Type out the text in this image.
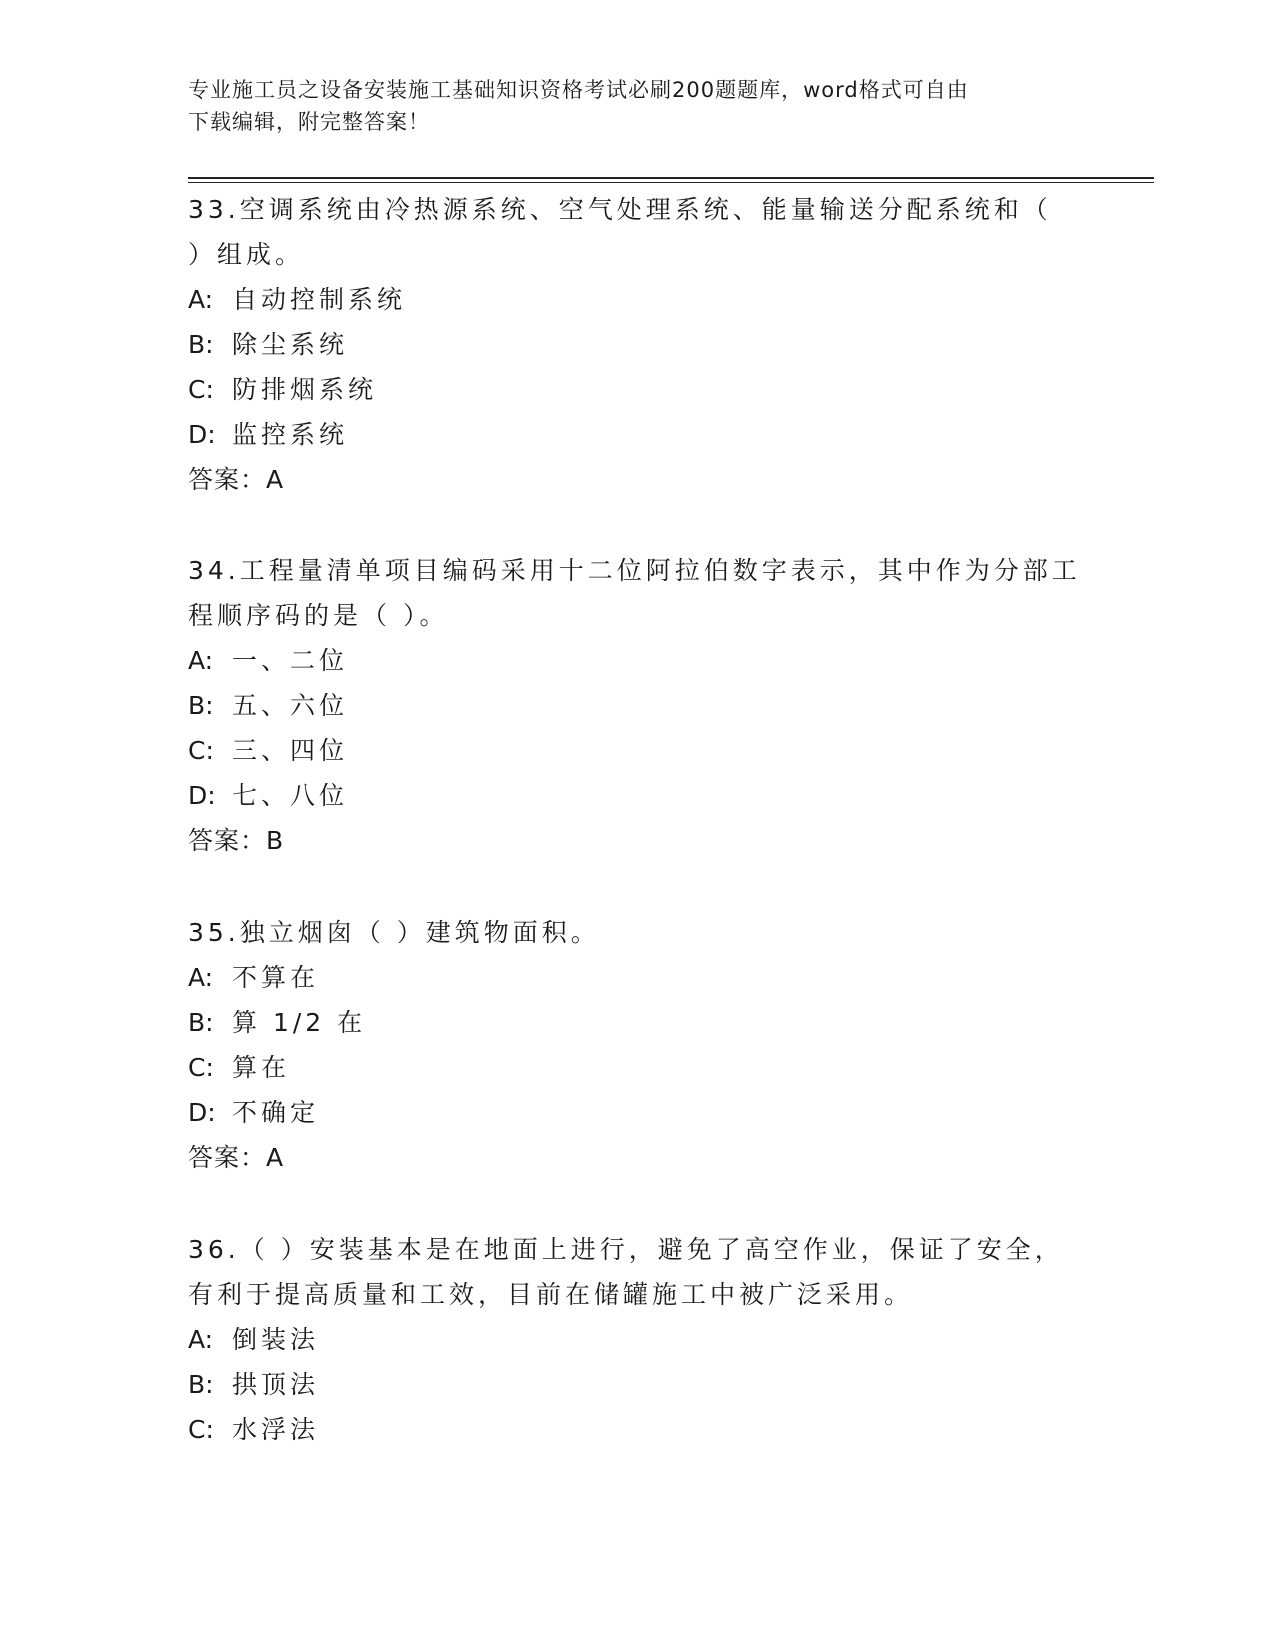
专业施工员之设备安装施工基础知识资格考试必刷200题题库，word格式可自由
下载编辑，附完整答案！

33.空调系统由冷热源系统、空气处理系统、能量输送分配系统和（

）组成。

A: 自动控制系统

B: 除尘系统

C: 防排烟系统

D: 监控系统

答案：A

34.工程量清单项目编码采用十二位阿拉伯数字表示，其中作为分部工

程顺序码的是（ ）。

A: 一、二位

B: 五、六位

C: 三、四位

D: 七、八位

答案：B

35.独立烟囱（ ）建筑物面积。

A: 不算在

B: 算 1/2 在

C: 算在

D: 不确定

答案：A

36.（ ）安装基本是在地面上进行，避免了高空作业，保证了安全，

有利于提高质量和工效，目前在储罐施工中被广泛采用。

A: 倒装法

B: 拱顶法

C: 水浮法
